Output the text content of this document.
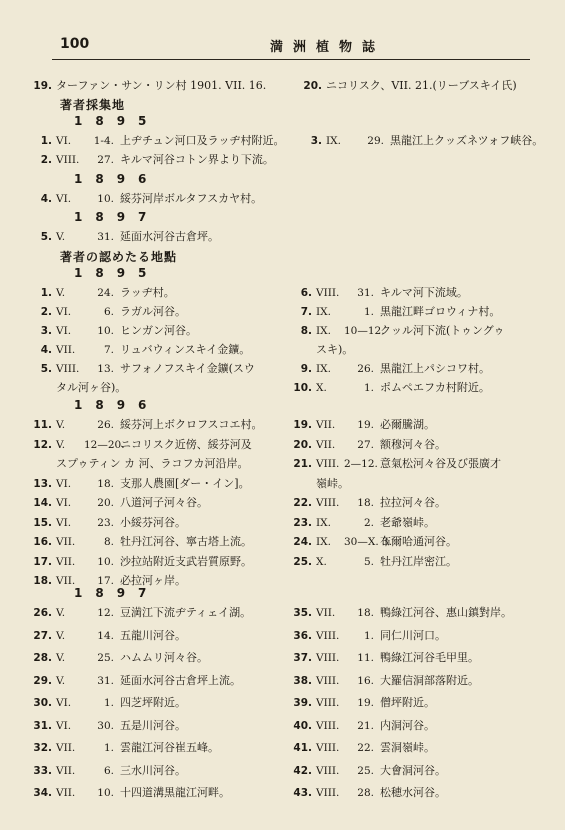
100	満洲植物誌
19. ターファン・サン・リン村 1901. VII. 16.	20. ニコリスク、VII. 21.(リーブスキイ氏)
著者採集地
1895
1. VI. 1-4. 上ヂチュン河口及ラッヂ村附近。
2. VIII. 27. キルマ河谷コトン界より下流。
3. IX.	29. 黒龍江上クッズネツォフ峡谷。
1896
4. VI. 10. 綏芬河岸ボルタフスカヤ村。
1897
5. V.	31. 延面水河谷古倉坪。
著者の認めたる地點
1895
1. V.	24. ラッヂ村。
2. VI.	6. ラガル河谷。
3. VI. 10. ヒンガン河谷。
4. VII.	7. リュバウィンスキイ金鑛。
5. VIII. 13. サフォノフスキイ金鑛(スウ
タル河ヶ谷)。
6. VIII. 31. キルマ河下流域。
7. IX.	1. 黒龍江畔ゴロウィナ村。
8. IX. 10—12.クッル河下流(トゥングゥ
スキ)。
9. IX.	26. 黒龍江上パシコワ村。
10. X.	1. ポムペエフカ村附近。
1896
11. V.	26. 綏芬河上ボクロフスコエ村。
12. V. 12—20.ニコリスク近傍、綏芬河及
スプゥティン カ 河、ラコフカ河沿岸。
13. VI. 18. 支那人農園[ダー・イン]。
14. VI. 20. 八道河子河々谷。
15. VI. 23. 小綏芬河谷。
16. VII.	8. 牡丹江河谷、寧古塔上流。
17. VII. 10. 沙拉站附近支武岩質原野。
18. VII. 17. 必拉河ヶ岸。
19. VII. 19. 必爾騰湖。
20. VII. 27. 额穆河々谷。
21. VIII. 2—12. 意氣松河々谷及び張廣才
嶺峠。
22. VIII. 18. 拉拉河々谷。
23. IX.	2. 老爺嶺峠。
24. IX. 30—X. 3.布爾哈通河谷。
25. X.	5. 牡丹江岸密江。
1897
26. V.	12. 豆満江下流ヂティェイ湖。
27. V.	14. 五龍川河谷。
28. V.	25. ハムムリ河々谷。
29. V.	31. 延面水河谷古倉坪上流。
30. VI.	1. 四芝坪附近。
31. VI. 30. 五是川河谷。
32. VII.	1. 雲龍江河谷崔五峰。
33. VII.	6. 三水川河谷。
34. VII. 10. 十四道溝黒龍江河畔。
35. VII. 18. 鴨綠江河谷、惠山鎮對岸。
36. VIII. 1. 同仁川河口。
37. VIII. 11. 鴨綠江河谷毛甲里。
38. VIII. 16. 大羅信洞部落附近。
39. VIII. 19. 僧坪附近。
40. VIII. 21. 内洞河谷。
41. VIII. 22. 雲洞嶺峠。
42. VIII. 25. 大會洞河谷。
43. VIII. 28. 松穂水河谷。
